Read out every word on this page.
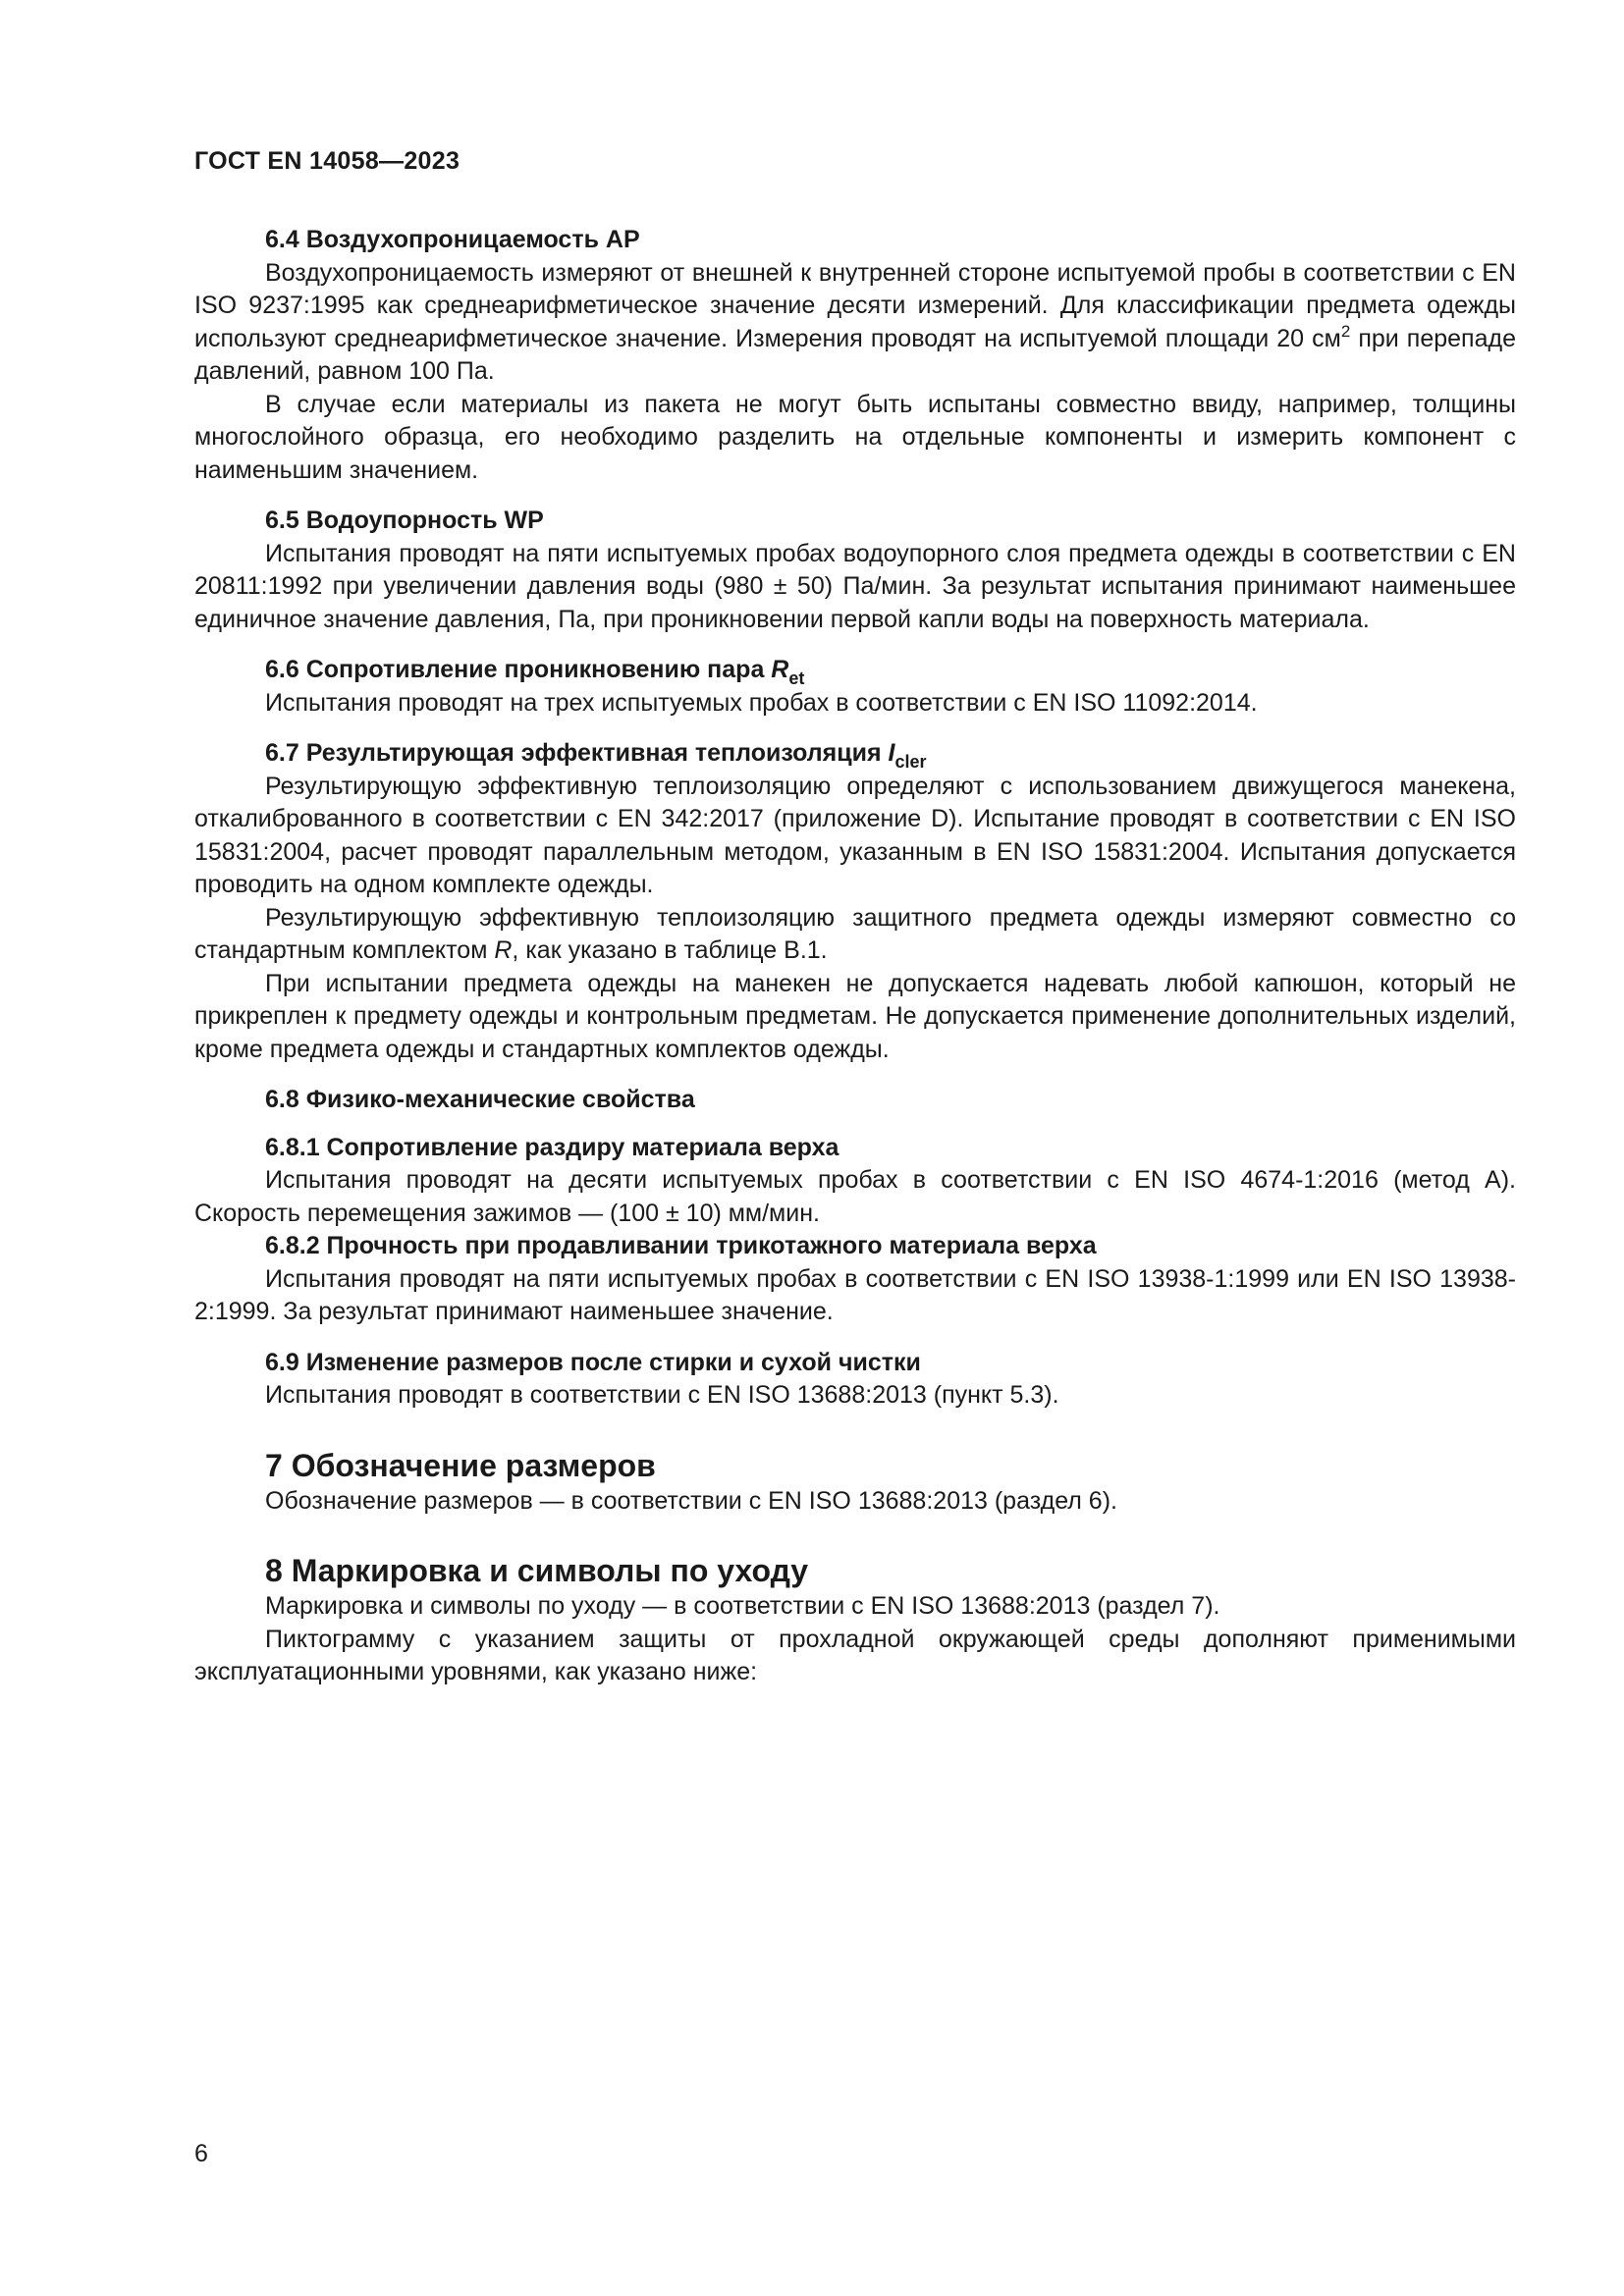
ГОСТ EN 14058—2023
6.4 Воздухопроницаемость AP

Воздухопроницаемость измеряют от внешней к внутренней стороне испытуемой пробы в соответствии с EN ISO 9237:1995 как среднеарифметическое значение десяти измерений. Для классификации предмета одежды используют среднеарифметическое значение. Измерения проводят на испытуемой площади 20 $см^2$ при перепаде давлений, равном 100 Па.

В случае если материалы из пакета не могут быть испытаны совместно ввиду, например, толщины многослойного образца, его необходимо разделить на отдельные компоненты и измерить компонент с наименьшим значением.

6.5 Водоупорность WP

Испытания проводят на пяти испытуемых пробах водоупорного слоя предмета одежды в соответствии с EN 20811:1992 при увеличении давления воды (980 ± 50) Па/мин. За результат испытания принимают наименьшее единичное значение давления, Па, при проникновении первой капли воды на поверхность материала.

6.6 Сопротивление проникновению пара $R_{et}$

Испытания проводят на трех испытуемых пробах в соответствии с EN ISO 11092:2014.

6.7 Результирующая эффективная теплоизоляция $I_{cler}$

Результирующую эффективную теплоизоляцию определяют с использованием движущегося манекена, откалиброванного в соответствии с EN 342:2017 (приложение D). Испытание проводят в соответствии с EN ISO 15831:2004, расчет проводят параллельным методом, указанным в EN ISO 15831:2004. Испытания допускается проводить на одном комплекте одежды.

Результирующую эффективную теплоизоляцию защитного предмета одежды измеряют совместно со стандартным комплектом R, как указано в таблице B.1.

При испытании предмета одежды на манекен не допускается надевать любой капюшон, который не прикреплен к предмету одежды и контрольным предметам. Не допускается применение дополнительных изделий, кроме предмета одежды и стандартных комплектов одежды.

6.8 Физико-механические свойства
6.8.1 Сопротивление раздиру материала верха

Испытания проводят на десяти испытуемых пробах в соответствии с EN ISO 4674-1:2016 (метод А). Скорость перемещения зажимов — (100 ± 10) мм/мин.

6.8.2 Прочность при продавливании трикотажного материала верха

Испытания проводят на пяти испытуемых пробах в соответствии с EN ISO 13938-1:1999 или EN ISO 13938-2:1999. За результат принимают наименьшее значение.

6.9 Изменение размеров после стирки и сухой чистки

Испытания проводят в соответствии с EN ISO 13688:2013 (пункт 5.3).

7 Обозначение размеров

Обозначение размеров — в соответствии с EN ISO 13688:2013 (раздел 6).

8 Маркировка и символы по уходу

Маркировка и символы по уходу — в соответствии с EN ISO 13688:2013 (раздел 7).

Пиктограмму с указанием защиты от прохладной окружающей среды дополняют применимыми эксплуатационными уровнями, как указано ниже:

6
